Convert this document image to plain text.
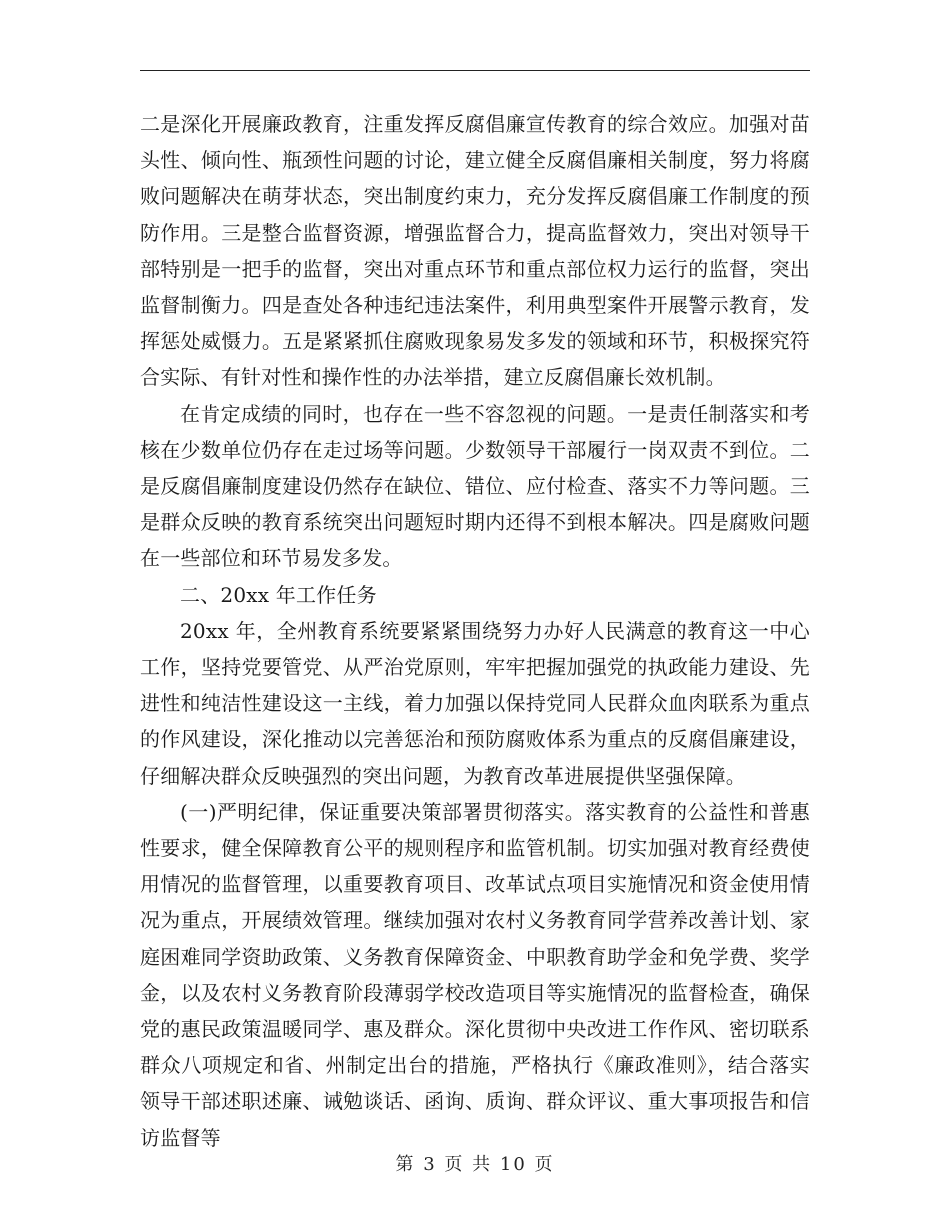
二是深化开展廉政教育，注重发挥反腐倡廉宣传教育的综合效应。加强对苗头性、倾向性、瓶颈性问题的讨论，建立健全反腐倡廉相关制度，努力将腐败问题解决在萌芽状态，突出制度约束力，充分发挥反腐倡廉工作制度的预防作用。三是整合监督资源，增强监督合力，提高监督效力，突出对领导干部特别是一把手的监督，突出对重点环节和重点部位权力运行的监督，突出监督制衡力。四是查处各种违纪违法案件，利用典型案件开展警示教育，发挥惩处威慑力。五是紧紧抓住腐败现象易发多发的领域和环节，积极探究符合实际、有针对性和操作性的办法举措，建立反腐倡廉长效机制。

在肯定成绩的同时，也存在一些不容忽视的问题。一是责任制落实和考核在少数单位仍存在走过场等问题。少数领导干部履行一岗双责不到位。二是反腐倡廉制度建设仍然存在缺位、错位、应付检查、落实不力等问题。三是群众反映的教育系统突出问题短时期内还得不到根本解决。四是腐败问题在一些部位和环节易发多发。

二、20xx 年工作任务

20xx 年，全州教育系统要紧紧围绕努力办好人民满意的教育这一中心工作，坚持党要管党、从严治党原则，牢牢把握加强党的执政能力建设、先进性和纯洁性建设这一主线，着力加强以保持党同人民群众血肉联系为重点的作风建设，深化推动以完善惩治和预防腐败体系为重点的反腐倡廉建设，仔细解决群众反映强烈的突出问题，为教育改革进展提供坚强保障。

(一)严明纪律，保证重要决策部署贯彻落实。落实教育的公益性和普惠性要求，健全保障教育公平的规则程序和监管机制。切实加强对教育经费使用情况的监督管理，以重要教育项目、改革试点项目实施情况和资金使用情况为重点，开展绩效管理。继续加强对农村义务教育同学营养改善计划、家庭困难同学资助政策、义务教育保障资金、中职教育助学金和免学费、奖学金，以及农村义务教育阶段薄弱学校改造项目等实施情况的监督检查，确保党的惠民政策温暖同学、惠及群众。深化贯彻中央改进工作作风、密切联系群众八项规定和省、州制定出台的措施，严格执行《廉政准则》，结合落实领导干部述职述廉、诫勉谈话、函询、质询、群众评议、重大事项报告和信访监督等

第 3 页 共 10 页
